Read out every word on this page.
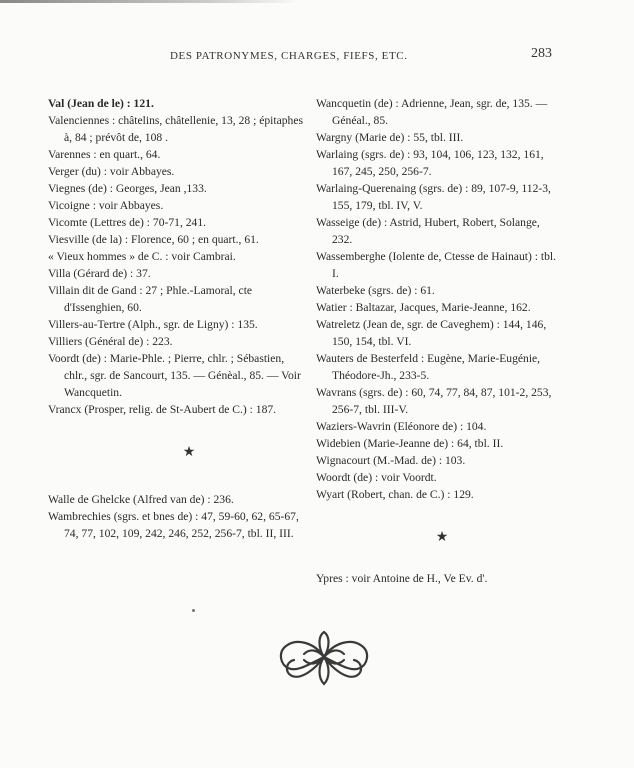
DES PATRONYMES, CHARGES, FIEFS, ETC.	283
Val (Jean de le) : 121.
Valenciennes : châtelins, châtellenie, 13, 28 ; épitaphes à, 84 ; prévôt de, 108 .
Varennes : en quart., 64.
Verger (du) : voir Abbayes.
Viegnes (de) : Georges, Jean ,133.
Vicoigne : voir Abbayes.
Vicomte (Lettres de) : 70-71, 241.
Viesville (de la) : Florence, 60 ; en quart., 61.
« Vieux hommes » de C. : voir Cambrai.
Villa (Gérard de) : 37.
Villain dit de Gand : 27 ; Phle.-Lamoral, cte d'Issenghien, 60.
Villers-au-Tertre (Alph., sgr. de Ligny) : 135.
Villiers (Général de) : 223.
Voordt (de) : Marie-Phle. ; Pierre, chlr. ; Sébastien, chlr., sgr. de Sancourt, 135. — Génèal., 85. — Voir Wancquetin.
Vrancx (Prosper, relig. de St-Aubert de C.) : 187.
★
Walle de Ghelcke (Alfred van de) : 236.
Wambrechies (sgrs. et bnes de) : 47, 59-60, 62, 65-67, 74, 77, 102, 109, 242, 246, 252, 256-7, tbl. II, III.
Wancquetin (de) : Adrienne, Jean, sgr. de, 135. — Généal., 85.
Wargny (Marie de) : 55, tbl. III.
Warlaing (sgrs. de) : 93, 104, 106, 123, 132, 161, 167, 245, 250, 256-7.
Warlaing-Querenaing (sgrs. de) : 89, 107-9, 112-3, 155, 179, tbl. IV, V.
Wasseige (de) : Astrid, Hubert, Robert, Solange, 232.
Wassemberghe (Iolente de, Ctesse de Hainaut) : tbl. I.
Waterbeke (sgrs. de) : 61.
Watier : Baltazar, Jacques, Marie-Jeanne, 162.
Watreletz (Jean de, sgr. de Caveghem) : 144, 146, 150, 154, tbl. VI.
Wauters de Besterfeld : Eugène, Marie-Eugénie, Théodore-Jh., 233-5.
Wavrans (sgrs. de) : 60, 74, 77, 84, 87, 101-2, 253, 256-7, tbl. III-V.
Waziers-Wavrin (Eléonore de) : 104.
Widebien (Marie-Jeanne de) : 64, tbl. II.
Wignacourt (M.-Mad. de) : 103.
Woordt (de) : voir Voordt.
Wyart (Robert, chan. de C.) : 129.
★
Ypres : voir Antoine de H., Ve Ev. d'.
